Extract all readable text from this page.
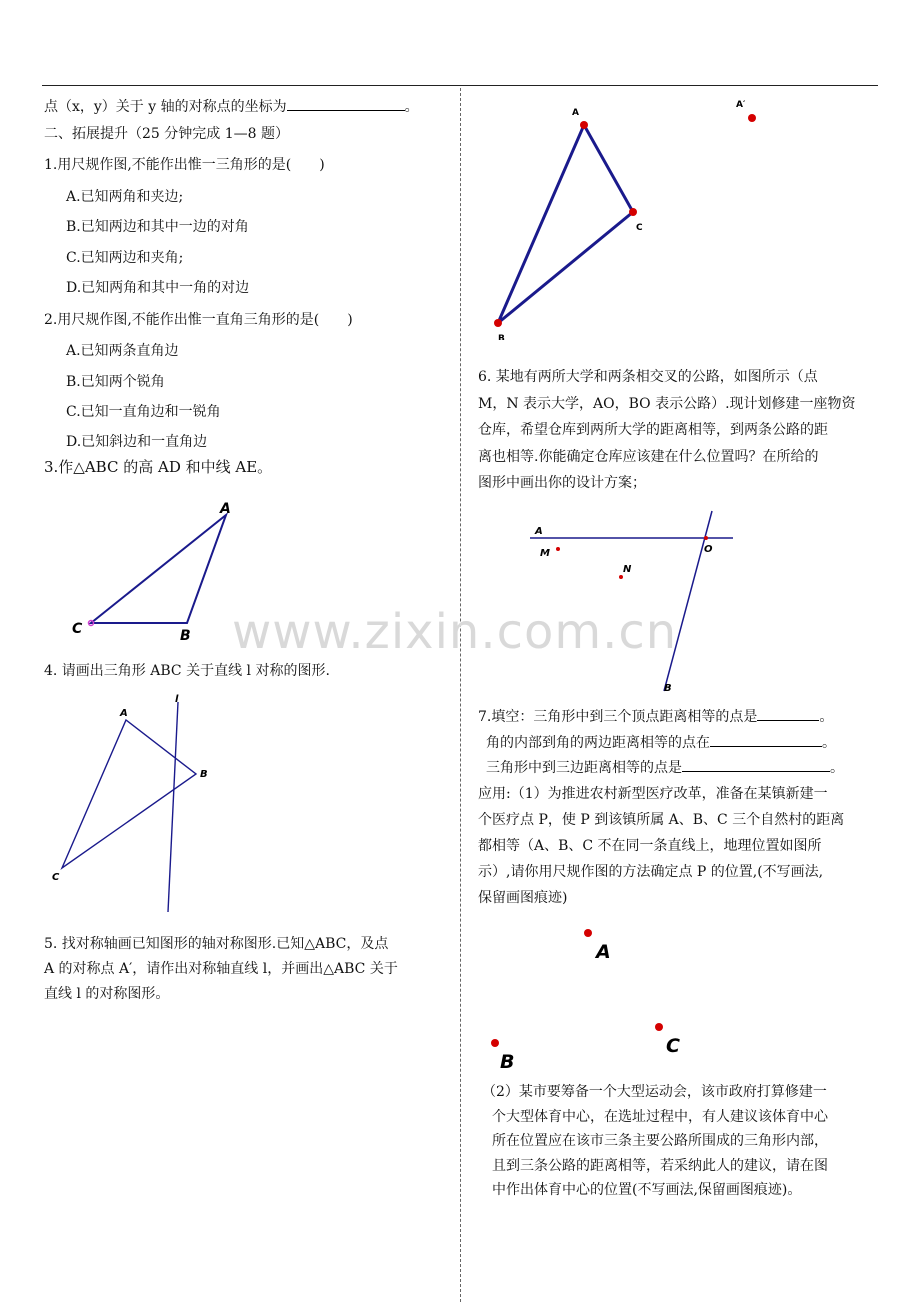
www.zixin.com.cn
点（x，y）关于 y 轴的对称点的坐标为	。
二、拓展提升（25 分钟完成 1—8 题）
1.用尺规作图,不能作出惟一三角形的是(　　)
A.已知两角和夹边;
B.已知两边和其中一边的对角
C.已知两边和夹角;
D.已知两角和其中一角的对边
2.用尺规作图,不能作出惟一直角三角形的是(　　)
A.已知两条直角边
B.已知两个锐角
C.已知一直角边和一锐角
D.已知斜边和一直角边
3.作△ABC 的高 AD 和中线 AE。
A
B
C
4. 请画出三角形 ABC 关于直线 l 对称的图形.
A
B
C
l
5. 找对称轴画已知图形的轴对称图形.已知△ABC，及点
A 的对称点 A′，请作出对称轴直线 l，并画出△ABC 关于
直线 l 的对称图形。
A
C
B
A′
6. 某地有两所大学和两条相交叉的公路，如图所示（点
M，N 表示大学，AO，BO 表示公路）.现计划修建一座物资
仓库，希望仓库到两所大学的距离相等，到两条公路的距
离也相等.你能确定仓库应该建在什么位置吗？在所给的
图形中画出你的设计方案；
A
M
N
O
B
7.填空：三角形中到三个顶点距离相等的点是	。
角的内部到角的两边距离相等的点在	。
三角形中到三边距离相等的点是	。
应用:（1）为推进农村新型医疗改革，准备在某镇新建一
个医疗点 P，使 P 到该镇所属 A、B、C 三个自然村的距离
都相等（A、B、C 不在同一条直线上，地理位置如图所
示）,请你用尺规作图的方法确定点 P 的位置,(不写画法,
保留画图痕迹)
A
B
C
（2）某市要筹备一个大型运动会，该市政府打算修建一
个大型体育中心，在选址过程中，有人建议该体育中心
所在位置应在该市三条主要公路所围成的三角形内部，
且到三条公路的距离相等，若采纳此人的建议，请在图
中作出体育中心的位置(不写画法,保留画图痕迹)。
